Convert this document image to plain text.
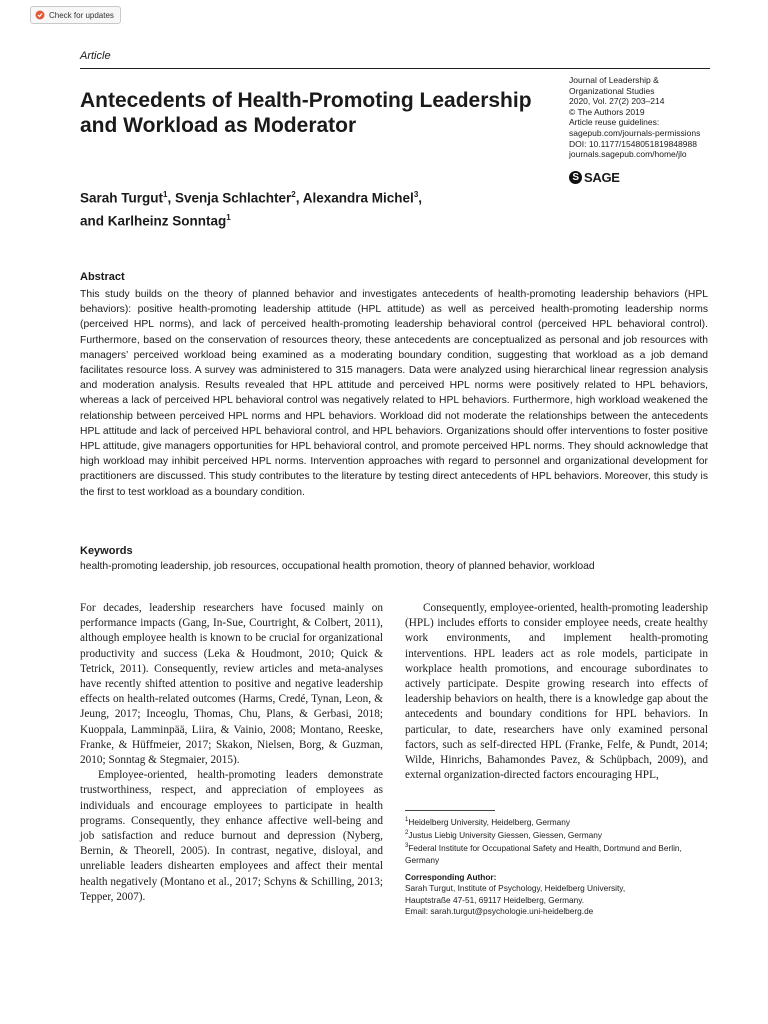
Check for updates
Article
Antecedents of Health-Promoting Leadership and Workload as Moderator
Journal of Leadership &
Organizational Studies
2020, Vol. 27(2) 203–214
© The Authors 2019
Article reuse guidelines:
sagepub.com/journals-permissions
DOI: 10.1177/1548051819848988
journals.sagepub.com/home/jlo
S SAGE
Sarah Turgut$^1$, Svenja Schlachter$^2$, Alexandra Michel$^3$,
and Karlheinz Sonntag$^1$
Abstract

This study builds on the theory of planned behavior and investigates antecedents of health-promoting leadership behaviors (HPL behaviors): positive health-promoting leadership attitude (HPL attitude) as well as perceived health-promoting leadership norms (perceived HPL norms), and lack of perceived health-promoting leadership behavioral control (perceived HPL behavioral control). Furthermore, based on the conservation of resources theory, these antecedents are conceptualized as personal and job resources with managers’ perceived workload being examined as a moderating boundary condition, suggesting that workload as a job demand facilitates resource loss. A survey was administered to 315 managers. Data were analyzed using hierarchical linear regression analysis and moderation analysis. Results revealed that HPL attitude and perceived HPL norms were positively related to HPL behaviors, whereas a lack of perceived HPL behavioral control was negatively related to HPL behaviors. Furthermore, high workload weakened the relationship between perceived HPL norms and HPL behaviors. Workload did not moderate the relationships between the antecedents HPL attitude and lack of perceived HPL behavioral control, and HPL behaviors. Organizations should offer interventions to foster positive HPL attitude, give managers opportunities for HPL behavioral control, and promote perceived HPL norms. They should acknowledge that high workload may inhibit perceived HPL norms. Intervention approaches with regard to personnel and organizational development for practitioners are discussed. This study contributes to the literature by testing direct antecedents of HPL behaviors. Moreover, this study is the first to test workload as a boundary condition.

Keywords
health-promoting leadership, job resources, occupational health promotion, theory of planned behavior, workload

For decades, leadership researchers have focused mainly on performance impacts (Gang, In-Sue, Courtright, & Colbert, 2011), although employee health is known to be crucial for organizational productivity and success (Leka & Houdmont, 2010; Quick & Tetrick, 2011). Consequently, review articles and meta-analyses have recently shifted attention to positive and negative leadership effects on health-related outcomes (Harms, Credé, Tynan, Leon, & Jeung, 2017; Inceoglu, Thomas, Chu, Plans, & Gerbasi, 2018; Kuoppala, Lamminpää, Liira, & Vainio, 2008; Montano, Reeske, Franke, & Hüffmeier, 2017; Skakon, Nielsen, Borg, & Guzman, 2010; Sonntag & Stegmaier, 2015).

Employee-oriented, health-promoting leaders demonstrate trustworthiness, respect, and appreciation of employees as individuals and encourage employees to participate in health programs. Consequently, they enhance affective well-being and job satisfaction and reduce burnout and depression (Nyberg, Bernin, & Theorell, 2005). In contrast, negative, disloyal, and unreliable leaders dishearten employees and affect their mental health negatively (Montano et al., 2017; Schyns & Schilling, 2013; Tepper, 2007).

Consequently, employee-oriented, health-promoting leadership (HPL) includes efforts to consider employee needs, create healthy work environments, and implement health-promoting interventions. HPL leaders act as role models, participate in workplace health promotions, and encourage subordinates to actively participate. Despite growing research into effects of leadership behaviors on health, there is a knowledge gap about the antecedents and boundary conditions for HPL behaviors. In particular, to date, researchers have only examined personal factors, such as self-directed HPL (Franke, Felfe, & Pundt, 2014; Wilde, Hinrichs, Bahamondes Pavez, & Schüpbach, 2009), and external organization-directed factors encouraging HPL,

$^1$Heidelberg University, Heidelberg, Germany

$^2$Justus Liebig University Giessen, Giessen, Germany

$^3$Federal Institute for Occupational Safety and Health, Dortmund and Berlin, Germany

Corresponding Author:
Sarah Turgut, Institute of Psychology, Heidelberg University,
Hauptstraße 47-51, 69117 Heidelberg, Germany.
Email: sarah.turgut@psychologie.uni-heidelberg.de
